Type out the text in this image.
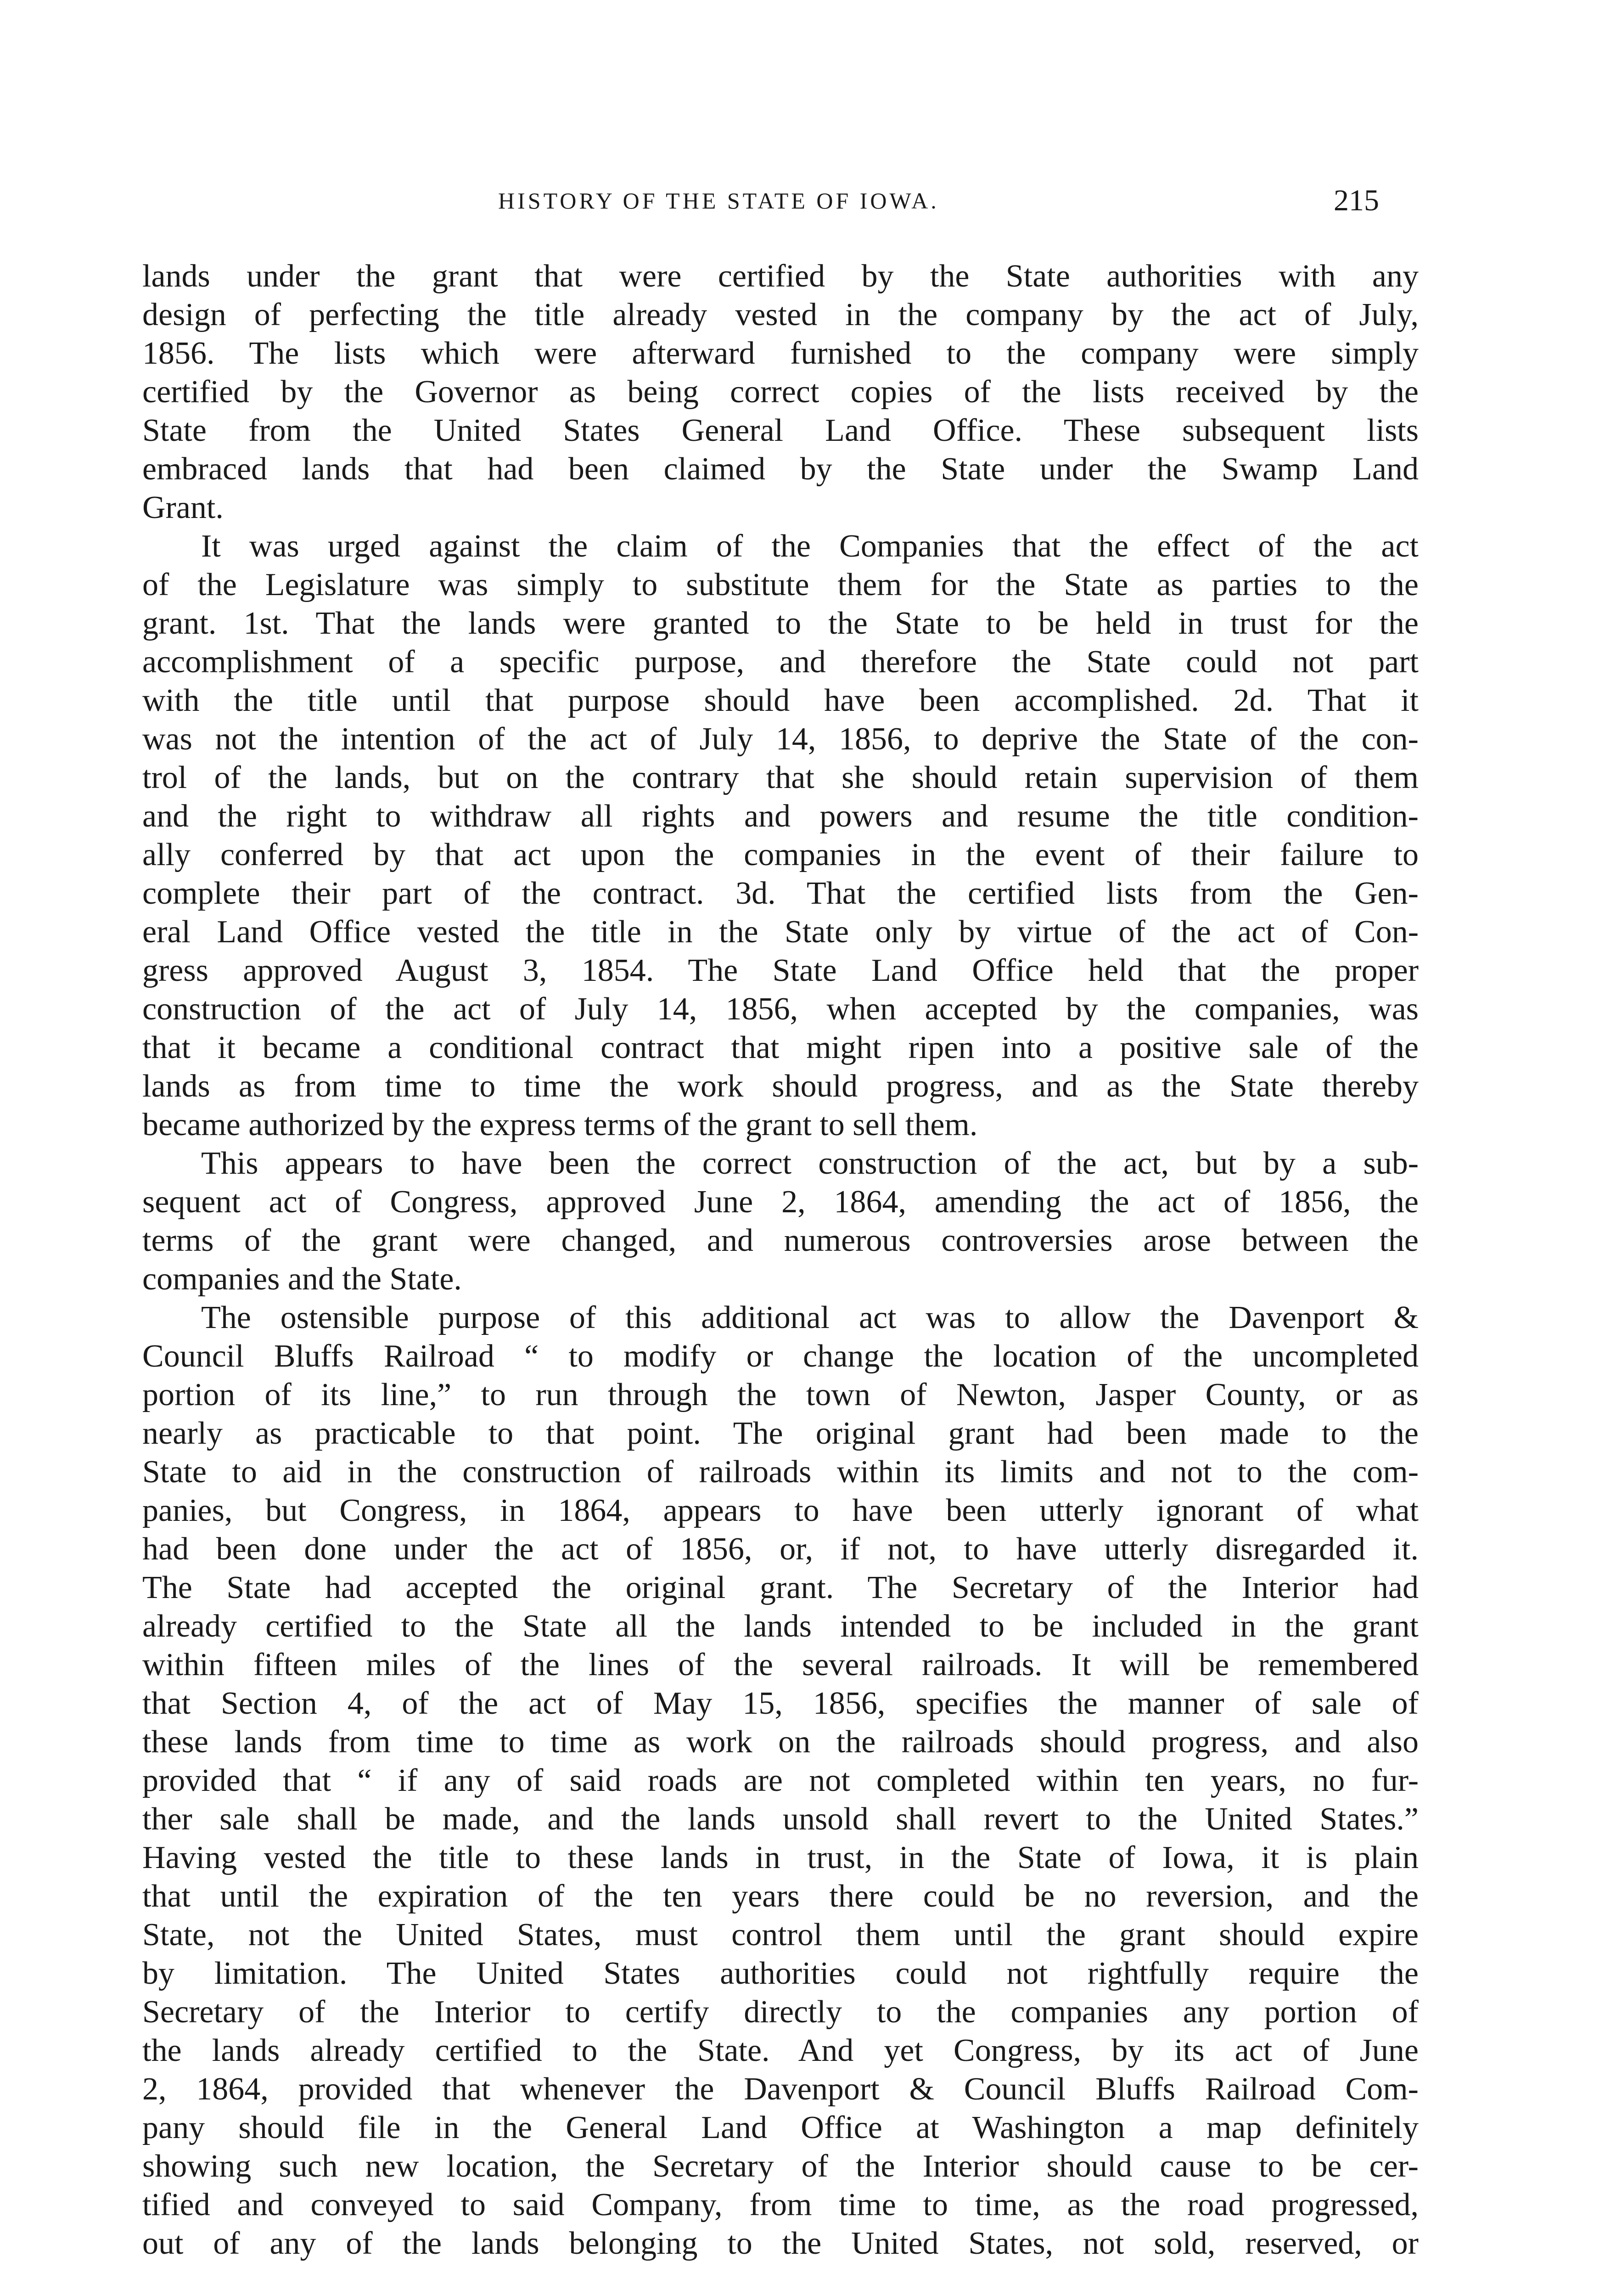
HISTORY OF THE STATE OF IOWA.	215
lands under the grant that were certified by the State authorities with any
design of perfecting the title already vested in the company by the act of July,
1856. The lists which were afterward furnished to the company were simply
certified by the Governor as being correct copies of the lists received by the
State from the United States General Land Office. These subsequent lists
embraced lands that had been claimed by the State under the Swamp Land
Grant.
It was urged against the claim of the Companies that the effect of the act
of the Legislature was simply to substitute them for the State as parties to the
grant. 1st. That the lands were granted to the State to be held in trust for the
accomplishment of a specific purpose, and therefore the State could not part
with the title until that purpose should have been accomplished. 2d. That it
was not the intention of the act of July 14, 1856, to deprive the State of the con-
trol of the lands, but on the contrary that she should retain supervision of them
and the right to withdraw all rights and powers and resume the title condition-
ally conferred by that act upon the companies in the event of their failure to
complete their part of the contract. 3d. That the certified lists from the Gen-
eral Land Office vested the title in the State only by virtue of the act of Con-
gress approved August 3, 1854. The State Land Office held that the proper
construction of the act of July 14, 1856, when accepted by the companies, was
that it became a conditional contract that might ripen into a positive sale of the
lands as from time to time the work should progress, and as the State thereby
became authorized by the express terms of the grant to sell them.
This appears to have been the correct construction of the act, but by a sub-
sequent act of Congress, approved June 2, 1864, amending the act of 1856, the
terms of the grant were changed, and numerous controversies arose between the
companies and the State.
The ostensible purpose of this additional act was to allow the Davenport &
Council Bluffs Railroad “ to modify or change the location of the uncompleted
portion of its line,” to run through the town of Newton, Jasper County, or as
nearly as practicable to that point. The original grant had been made to the
State to aid in the construction of railroads within its limits and not to the com-
panies, but Congress, in 1864, appears to have been utterly ignorant of what
had been done under the act of 1856, or, if not, to have utterly disregarded it.
The State had accepted the original grant. The Secretary of the Interior had
already certified to the State all the lands intended to be included in the grant
within fifteen miles of the lines of the several railroads. It will be remembered
that Section 4, of the act of May 15, 1856, specifies the manner of sale of
these lands from time to time as work on the railroads should progress, and also
provided that “ if any of said roads are not completed within ten years, no fur-
ther sale shall be made, and the lands unsold shall revert to the United States.”
Having vested the title to these lands in trust, in the State of Iowa, it is plain
that until the expiration of the ten years there could be no reversion, and the
State, not the United States, must control them until the grant should expire
by limitation. The United States authorities could not rightfully require the
Secretary of the Interior to certify directly to the companies any portion of
the lands already certified to the State. And yet Congress, by its act of June
2, 1864, provided that whenever the Davenport & Council Bluffs Railroad Com-
pany should file in the General Land Office at Washington a map definitely
showing such new location, the Secretary of the Interior should cause to be cer-
tified and conveyed to said Company, from time to time, as the road progressed,
out of any of the lands belonging to the United States, not sold, reserved, or
